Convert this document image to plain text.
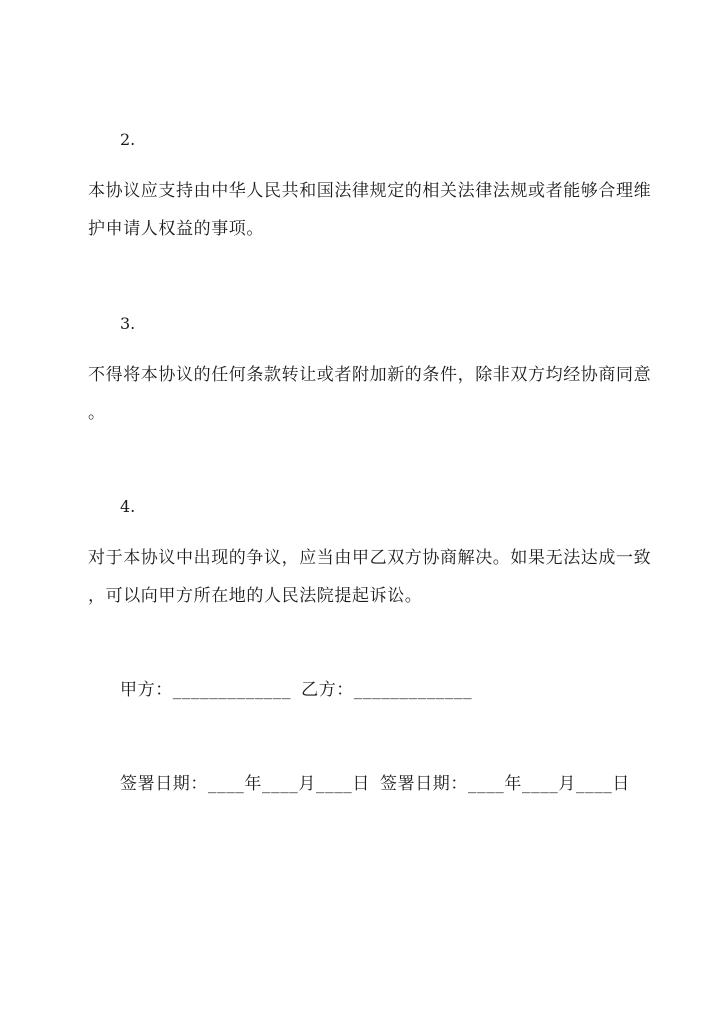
2.
本协议应支持由中华人民共和国法律规定的相关法律法规或者能够合理维
护申请人权益的事项。
3.
不得将本协议的任何条款转让或者附加新的条件，除非双方均经协商同意
。
4.
对于本协议中出现的争议，应当由甲乙双方协商解决。如果无法达成一致
，可以向甲方所在地的人民法院提起诉讼。
甲方：_____________ 乙方：_____________
签署日期：____年____月____日 签署日期：____年____月____日
